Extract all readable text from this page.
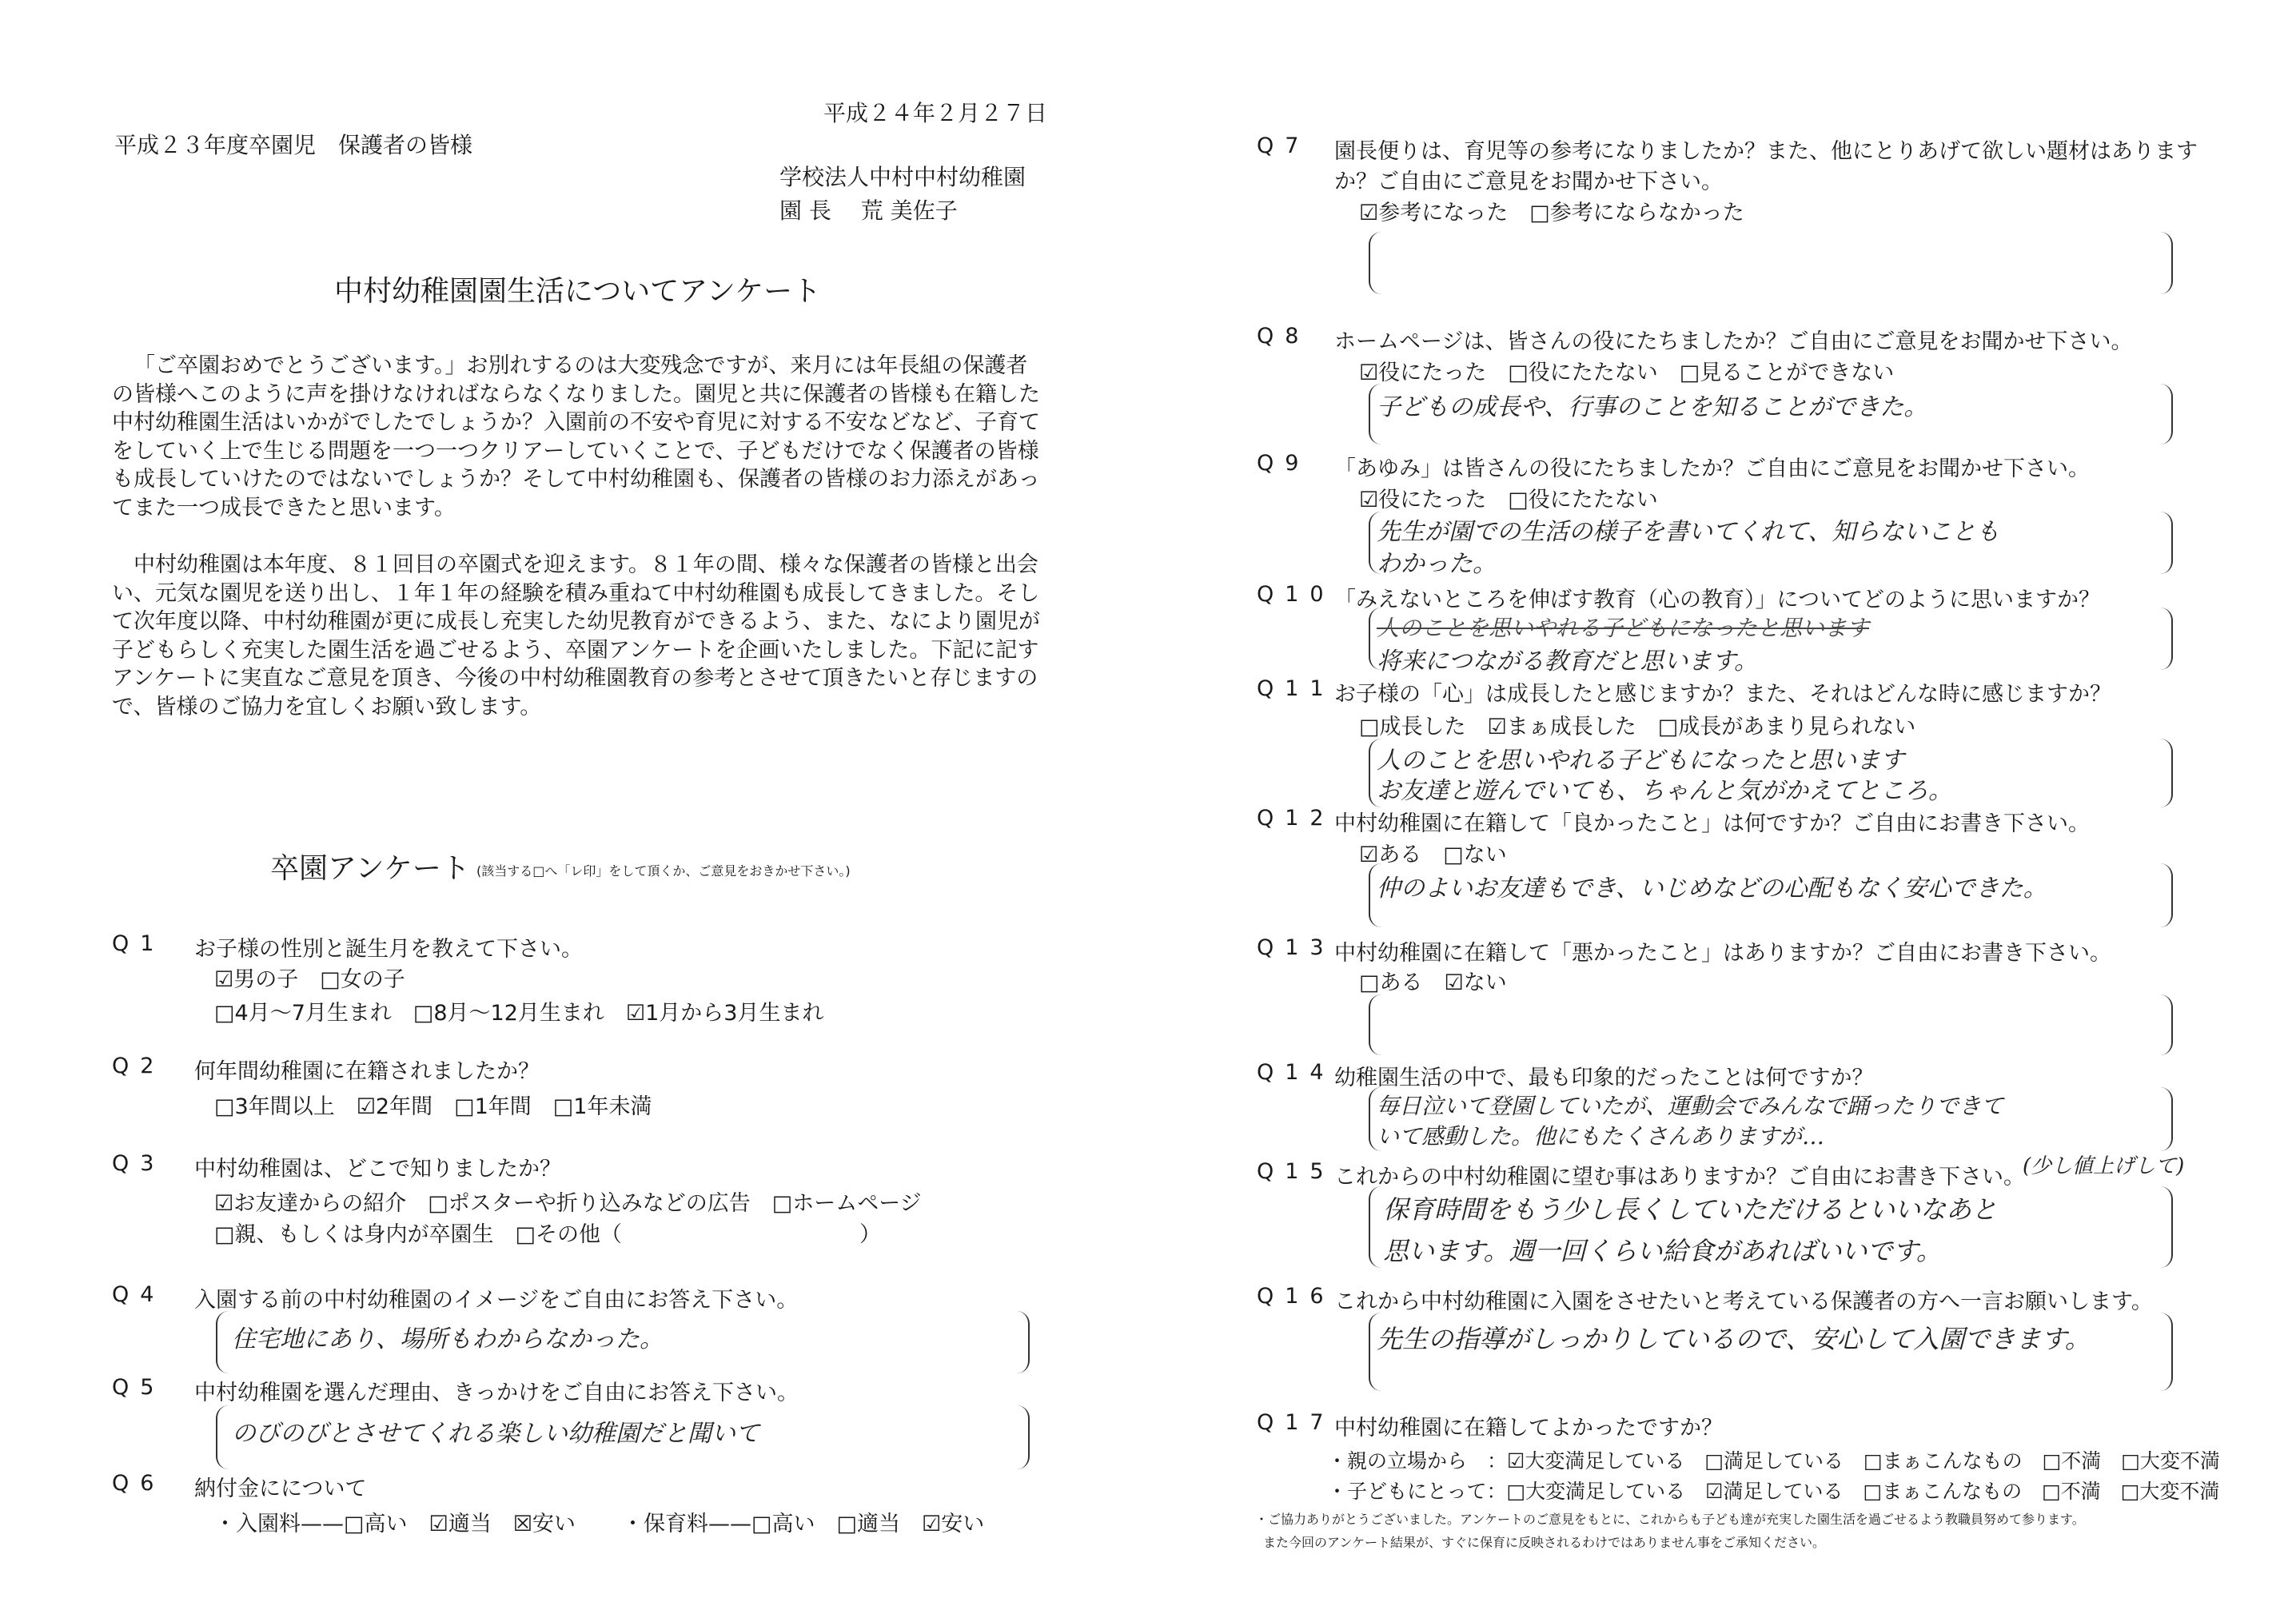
平成２４年２月２７日
平成２３年度卒園児　保護者の皆様
学校法人中村中村幼稚園
園 長　 荒 美佐子
中村幼稚園園生活についてアンケート
「ご卒園おめでとうございます。」お別れするのは大変残念ですが、来月には年長組の保護者の皆様へこのように声を掛けなければならなくなりました。園児と共に保護者の皆様も在籍した中村幼稚園生活はいかがでしたでしょうか？入園前の不安や育児に対する不安などなど、子育てをしていく上で生じる問題を一つ一つクリアーしていくことで、子どもだけでなく保護者の皆様も成長していけたのではないでしょうか？そして中村幼稚園も、保護者の皆様のお力添えがあってまた一つ成長できたと思います。
中村幼稚園は本年度、８１回目の卒園式を迎えます。８１年の間、様々な保護者の皆様と出会い、元気な園児を送り出し、１年１年の経験を積み重ねて中村幼稚園も成長してきました。そして次年度以降、中村幼稚園が更に成長し充実した幼児教育ができるよう、また、なにより園児が子どもらしく充実した園生活を過ごせるよう、卒園アンケートを企画いたしました。下記に記すアンケートに実直なご意見を頂き、今後の中村幼稚園教育の参考とさせて頂きたいと存じますので、皆様のご協力を宜しくお願い致します。
卒園アンケート (該当する□へ「レ印」をして頂くか、ご意見をおきかせ下さい。)
Q1 お子様の性別と誕生月を教えて下さい。
☑男の子　□女の子
□4月～7月生まれ　□8月～12月生まれ　☑1月から3月生まれ
Q2 何年間幼稚園に在籍されましたか？
□3年間以上　☑2年間　□1年間　□1年未満
Q3 中村幼稚園は、どこで知りましたか？
☑お友達からの紹介　□ポスターや折り込みなどの広告　□ホームページ
□親、もしくは身内が卒園生　□その他（　　　　　　　　　　　）
Q4 入園する前の中村幼稚園のイメージをご自由にお答え下さい。
住宅地にあり、場所もわからなかった。
Q5 中村幼稚園を選んだ理由、きっかけをご自由にお答え下さい。
のびのびとさせてくれる楽しい幼稚園だと聞いて
Q6 納付金にについて
・入園料——□高い　☑適当　☒安い ・保育料——□高い　□適当　☑安い
Q7 園長便りは、育児等の参考になりましたか？また、他にとりあげて欲しい題材はあります
か？ご自由にご意見をお聞かせ下さい。
☑参考になった　□参考にならなかった
Q8 ホームページは、皆さんの役にたちましたか？ご自由にご意見をお聞かせ下さい。
☑役にたった　□役にたたない　□見ることができない
子どもの成長や、行事のことを知ることができた。
Q9 「あゆみ」は皆さんの役にたちましたか？ご自由にご意見をお聞かせ下さい。
☑役にたった　□役にたたない
先生が園での生活の様子を書いてくれて、知らないことも
わかった。
Q10 「みえないところを伸ばす教育（心の教育）」についてどのように思いますか？
人のことを思いやれる子どもになったと思います
将来につながる教育だと思います。
Q11 お子様の「心」は成長したと感じますか？また、それはどんな時に感じますか？
□成長した　☑まぁ成長した　□成長があまり見られない
人のことを思いやれる子どもになったと思います
お友達と遊んでいても、ちゃんと気がかえてところ。
Q12 中村幼稚園に在籍して「良かったこと」は何ですか？ご自由にお書き下さい。
☑ある　□ない
仲のよいお友達もでき、いじめなどの心配もなく安心できた。
Q13 中村幼稚園に在籍して「悪かったこと」はありますか？ご自由にお書き下さい。
□ある　☑ない
Q14 幼稚園生活の中で、最も印象的だったことは何ですか？
毎日泣いて登園していたが、運動会でみんなで踊ったりできて
いて感動した。他にもたくさんありますが…
Q15 これからの中村幼稚園に望む事はありますか？ご自由にお書き下さい。
(少し値上げして)
保育時間をもう少し長くしていただけるといいなあと
思います。週一回くらい給食があればいいです。
Q16 これから中村幼稚園に入園をさせたいと考えている保護者の方へ一言お願いします。
先生の指導がしっかりしているので、安心して入園できます。
Q17 中村幼稚園に在籍してよかったですか？
・親の立場から　：☑大変満足している　□満足している　□まぁこんなもの　□不満　□大変不満
・子どもにとって：□大変満足している　☑満足している　□まぁこんなもの　□不満　□大変不満
・ご協力ありがとうございました。アンケートのご意見をもとに、これからも子ども達が充実した園生活を過ごせるよう教職員努めて参ります。
また今回のアンケート結果が、すぐに保育に反映されるわけではありません事をご承知ください。
